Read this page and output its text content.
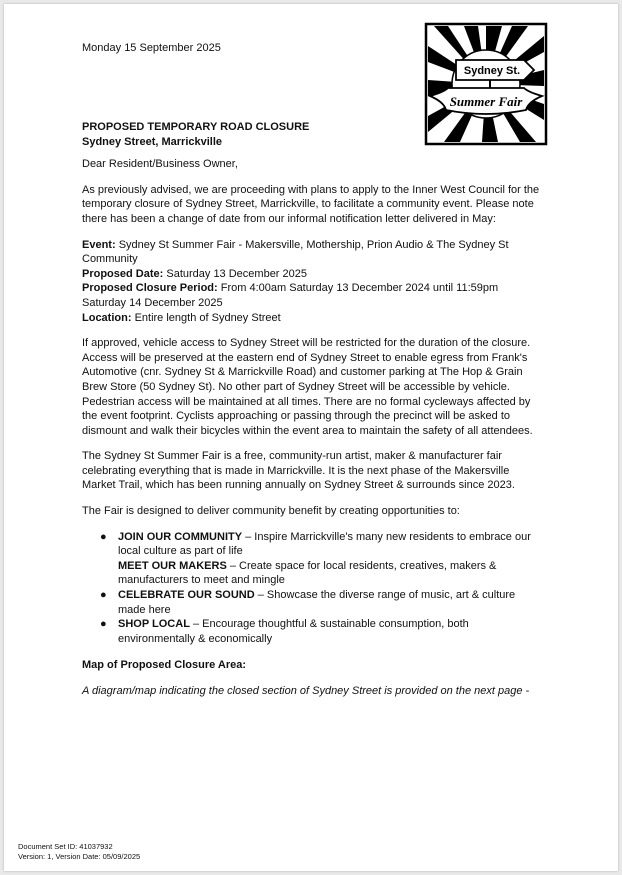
Monday 15 September 2025
Sydney St.
Summer Fair
PROPOSED TEMPORARY ROAD CLOSURE
Sydney Street, Marrickville

Dear Resident/Business Owner,

As previously advised, we are proceeding with plans to apply to the Inner West Council for the temporary closure of Sydney Street, Marrickville, to facilitate a community event. Please note there has been a change of date from our informal notification letter delivered in May:

Event: Sydney St Summer Fair - Makersville, Mothership, Prion Audio & The Sydney St Community

Proposed Date: Saturday 13 December 2025

Proposed Closure Period: From 4:00am Saturday 13 December 2024 until 11:59pm Saturday 14 December 2025

Location: Entire length of Sydney Street

If approved, vehicle access to Sydney Street will be restricted for the duration of the closure. Access will be preserved at the eastern end of Sydney Street to enable egress from Frank's Automotive (cnr. Sydney St & Marrickville Road) and customer parking at The Hop & Grain Brew Store (50 Sydney St). No other part of Sydney Street will be accessible by vehicle. Pedestrian access will be maintained at all times. There are no formal cycleways affected by the event footprint. Cyclists approaching or passing through the precinct will be asked to dismount and walk their bicycles within the event area to maintain the safety of all attendees.

The Sydney St Summer Fair is a free, community-run artist, maker & manufacturer fair celebrating everything that is made in Marrickville. It is the next phase of the Makersville Market Trail, which has been running annually on Sydney Street & surrounds since 2023.

The Fair is designed to deliver community benefit by creating opportunities to:

● JOIN OUR COMMUNITY – Inspire Marrickville's many new residents to embrace our local culture as part of life
MEET OUR MAKERS – Create space for local residents, creatives, makers & manufacturers to meet and mingle
● CELEBRATE OUR SOUND – Showcase the diverse range of music, art & culture made here
● SHOP LOCAL – Encourage thoughtful & sustainable consumption, both environmentally & economically

Map of Proposed Closure Area:

A diagram/map indicating the closed section of Sydney Street is provided on the next page -

Document Set ID: 41037932
Version: 1, Version Date: 05/09/2025
